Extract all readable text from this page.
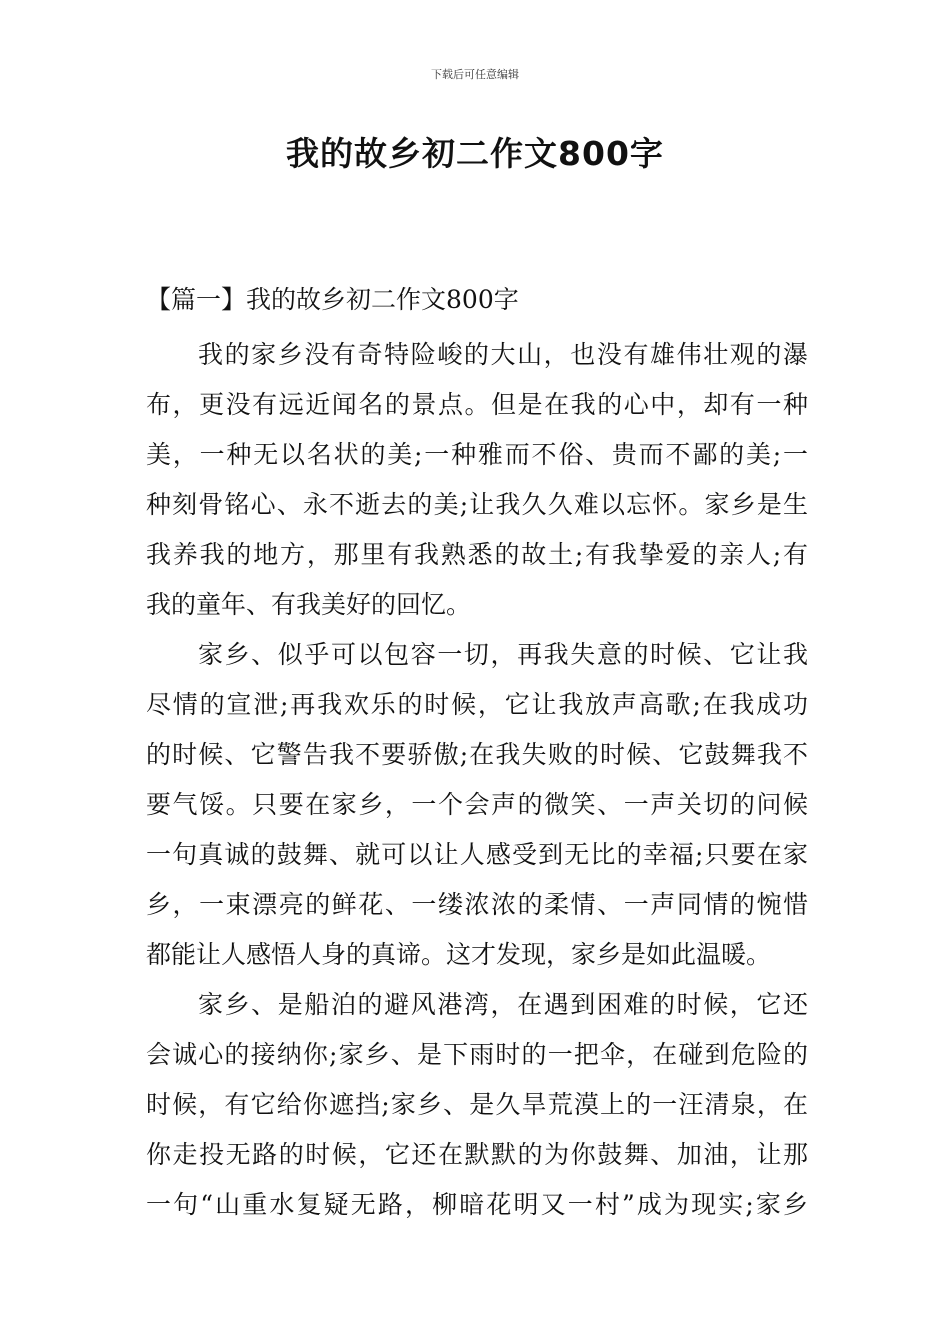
下载后可任意编辑
我的故乡初二作文800字
【篇一】我的故乡初二作文800字
我的家乡没有奇特险峻的大山，也没有雄伟壮观的瀑
布，更没有远近闻名的景点。但是在我的心中，却有一种
美，一种无以名状的美;一种雅而不俗、贵而不鄙的美;一
种刻骨铭心、永不逝去的美;让我久久难以忘怀。家乡是生
我养我的地方，那里有我熟悉的故土;有我挚爱的亲人;有
我的童年、有我美好的回忆。
家乡、似乎可以包容一切，再我失意的时候、它让我
尽情的宣泄;再我欢乐的时候，它让我放声高歌;在我成功
的时候、它警告我不要骄傲;在我失败的时候、它鼓舞我不
要气馁。只要在家乡，一个会声的微笑、一声关切的问候
一句真诚的鼓舞、就可以让人感受到无比的幸福;只要在家
乡，一束漂亮的鲜花、一缕浓浓的柔情、一声同情的惋惜
都能让人感悟人身的真谛。这才发现，家乡是如此温暖。
家乡、是船泊的避风港湾，在遇到困难的时候，它还
会诚心的接纳你;家乡、是下雨时的一把伞，在碰到危险的
时候，有它给你遮挡;家乡、是久旱荒漠上的一汪清泉，在
你走投无路的时候，它还在默默的为你鼓舞、加油，让那
一句“山重水复疑无路，柳暗花明又一村”成为现实;家乡
